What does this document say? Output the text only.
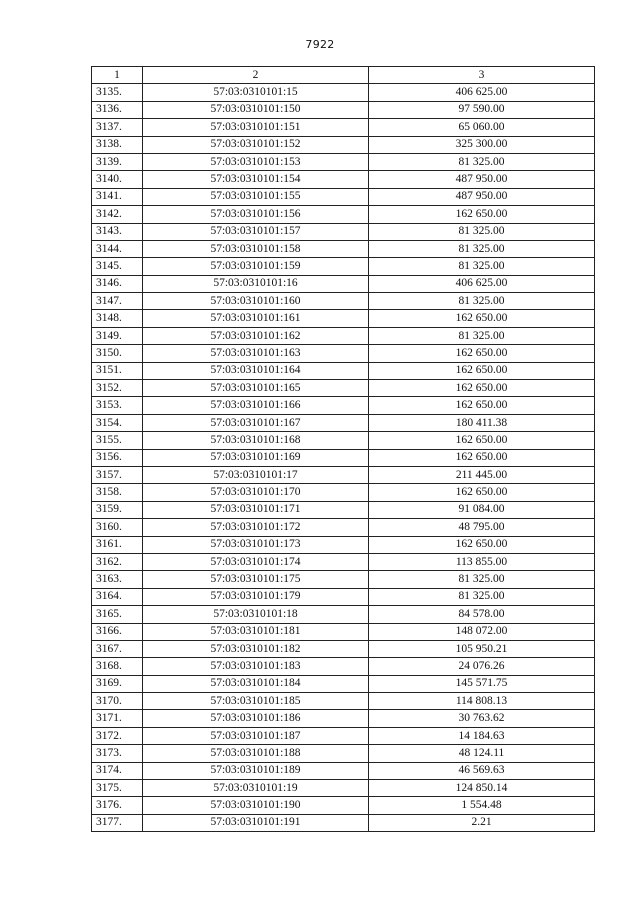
7922
1	2	3
3135.	57:03:0310101:15	406 625.00
3136.	57:03:0310101:150	97 590.00
3137.	57:03:0310101:151	65 060.00
3138.	57:03:0310101:152	325 300.00
3139.	57:03:0310101:153	81 325.00
3140.	57:03:0310101:154	487 950.00
3141.	57:03:0310101:155	487 950.00
3142.	57:03:0310101:156	162 650.00
3143.	57:03:0310101:157	81 325.00
3144.	57:03:0310101:158	81 325.00
3145.	57:03:0310101:159	81 325.00
3146.	57:03:0310101:16	406 625.00
3147.	57:03:0310101:160	81 325.00
3148.	57:03:0310101:161	162 650.00
3149.	57:03:0310101:162	81 325.00
3150.	57:03:0310101:163	162 650.00
3151.	57:03:0310101:164	162 650.00
3152.	57:03:0310101:165	162 650.00
3153.	57:03:0310101:166	162 650.00
3154.	57:03:0310101:167	180 411.38
3155.	57:03:0310101:168	162 650.00
3156.	57:03:0310101:169	162 650.00
3157.	57:03:0310101:17	211 445.00
3158.	57:03:0310101:170	162 650.00
3159.	57:03:0310101:171	91 084.00
3160.	57:03:0310101:172	48 795.00
3161.	57:03:0310101:173	162 650.00
3162.	57:03:0310101:174	113 855.00
3163.	57:03:0310101:175	81 325.00
3164.	57:03:0310101:179	81 325.00
3165.	57:03:0310101:18	84 578.00
3166.	57:03:0310101:181	148 072.00
3167.	57:03:0310101:182	105 950.21
3168.	57:03:0310101:183	24 076.26
3169.	57:03:0310101:184	145 571.75
3170.	57:03:0310101:185	114 808.13
3171.	57:03:0310101:186	30 763.62
3172.	57:03:0310101:187	14 184.63
3173.	57:03:0310101:188	48 124.11
3174.	57:03:0310101:189	46 569.63
3175.	57:03:0310101:19	124 850.14
3176.	57:03:0310101:190	1 554.48
3177.	57:03:0310101:191	2.21
